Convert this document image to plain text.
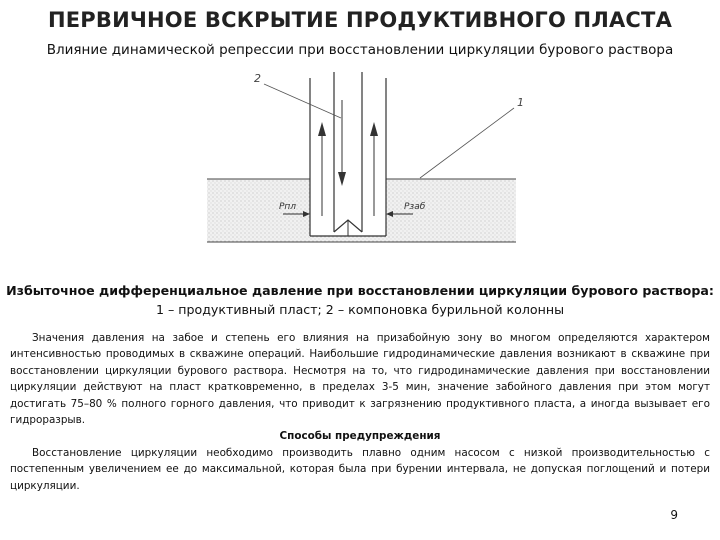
ПЕРВИЧНОЕ ВСКРЫТИЕ ПРОДУКТИВНОГО ПЛАСТА
Влияние динамической репрессии при восстановлении циркуляции бурового раствора
2
1
Pпл	Pзаб
Избыточное дифференциальное давление при восстановлении циркуляции бурового раствора:
1 – продуктивный пласт; 2 – компоновка бурильной колонны

Значения давления на забое и степень его влияния на призабойную зону во многом определяются характером интенсивностью проводимых в скважине операций. Наибольшие гидродинамические давления возникают в скважине при восстановлении циркуляции бурового раствора. Несмотря на то, что гидродинамические давления при восстановлении циркуляции действуют на пласт кратковременно, в пределах 3-5 мин, значение забойного давления при этом могут достигать 75–80 % полного горного давления, что приводит к загрязнению продуктивного пласта, а иногда вызывает его гидроразрыв.

Способы предупреждения

Восстановление циркуляции необходимо производить плавно одним насосом с низкой производительностью с постепенным увеличением ее до максимальной, которая была при бурении интервала, не допуская поглощений и потери циркуляции.

9
